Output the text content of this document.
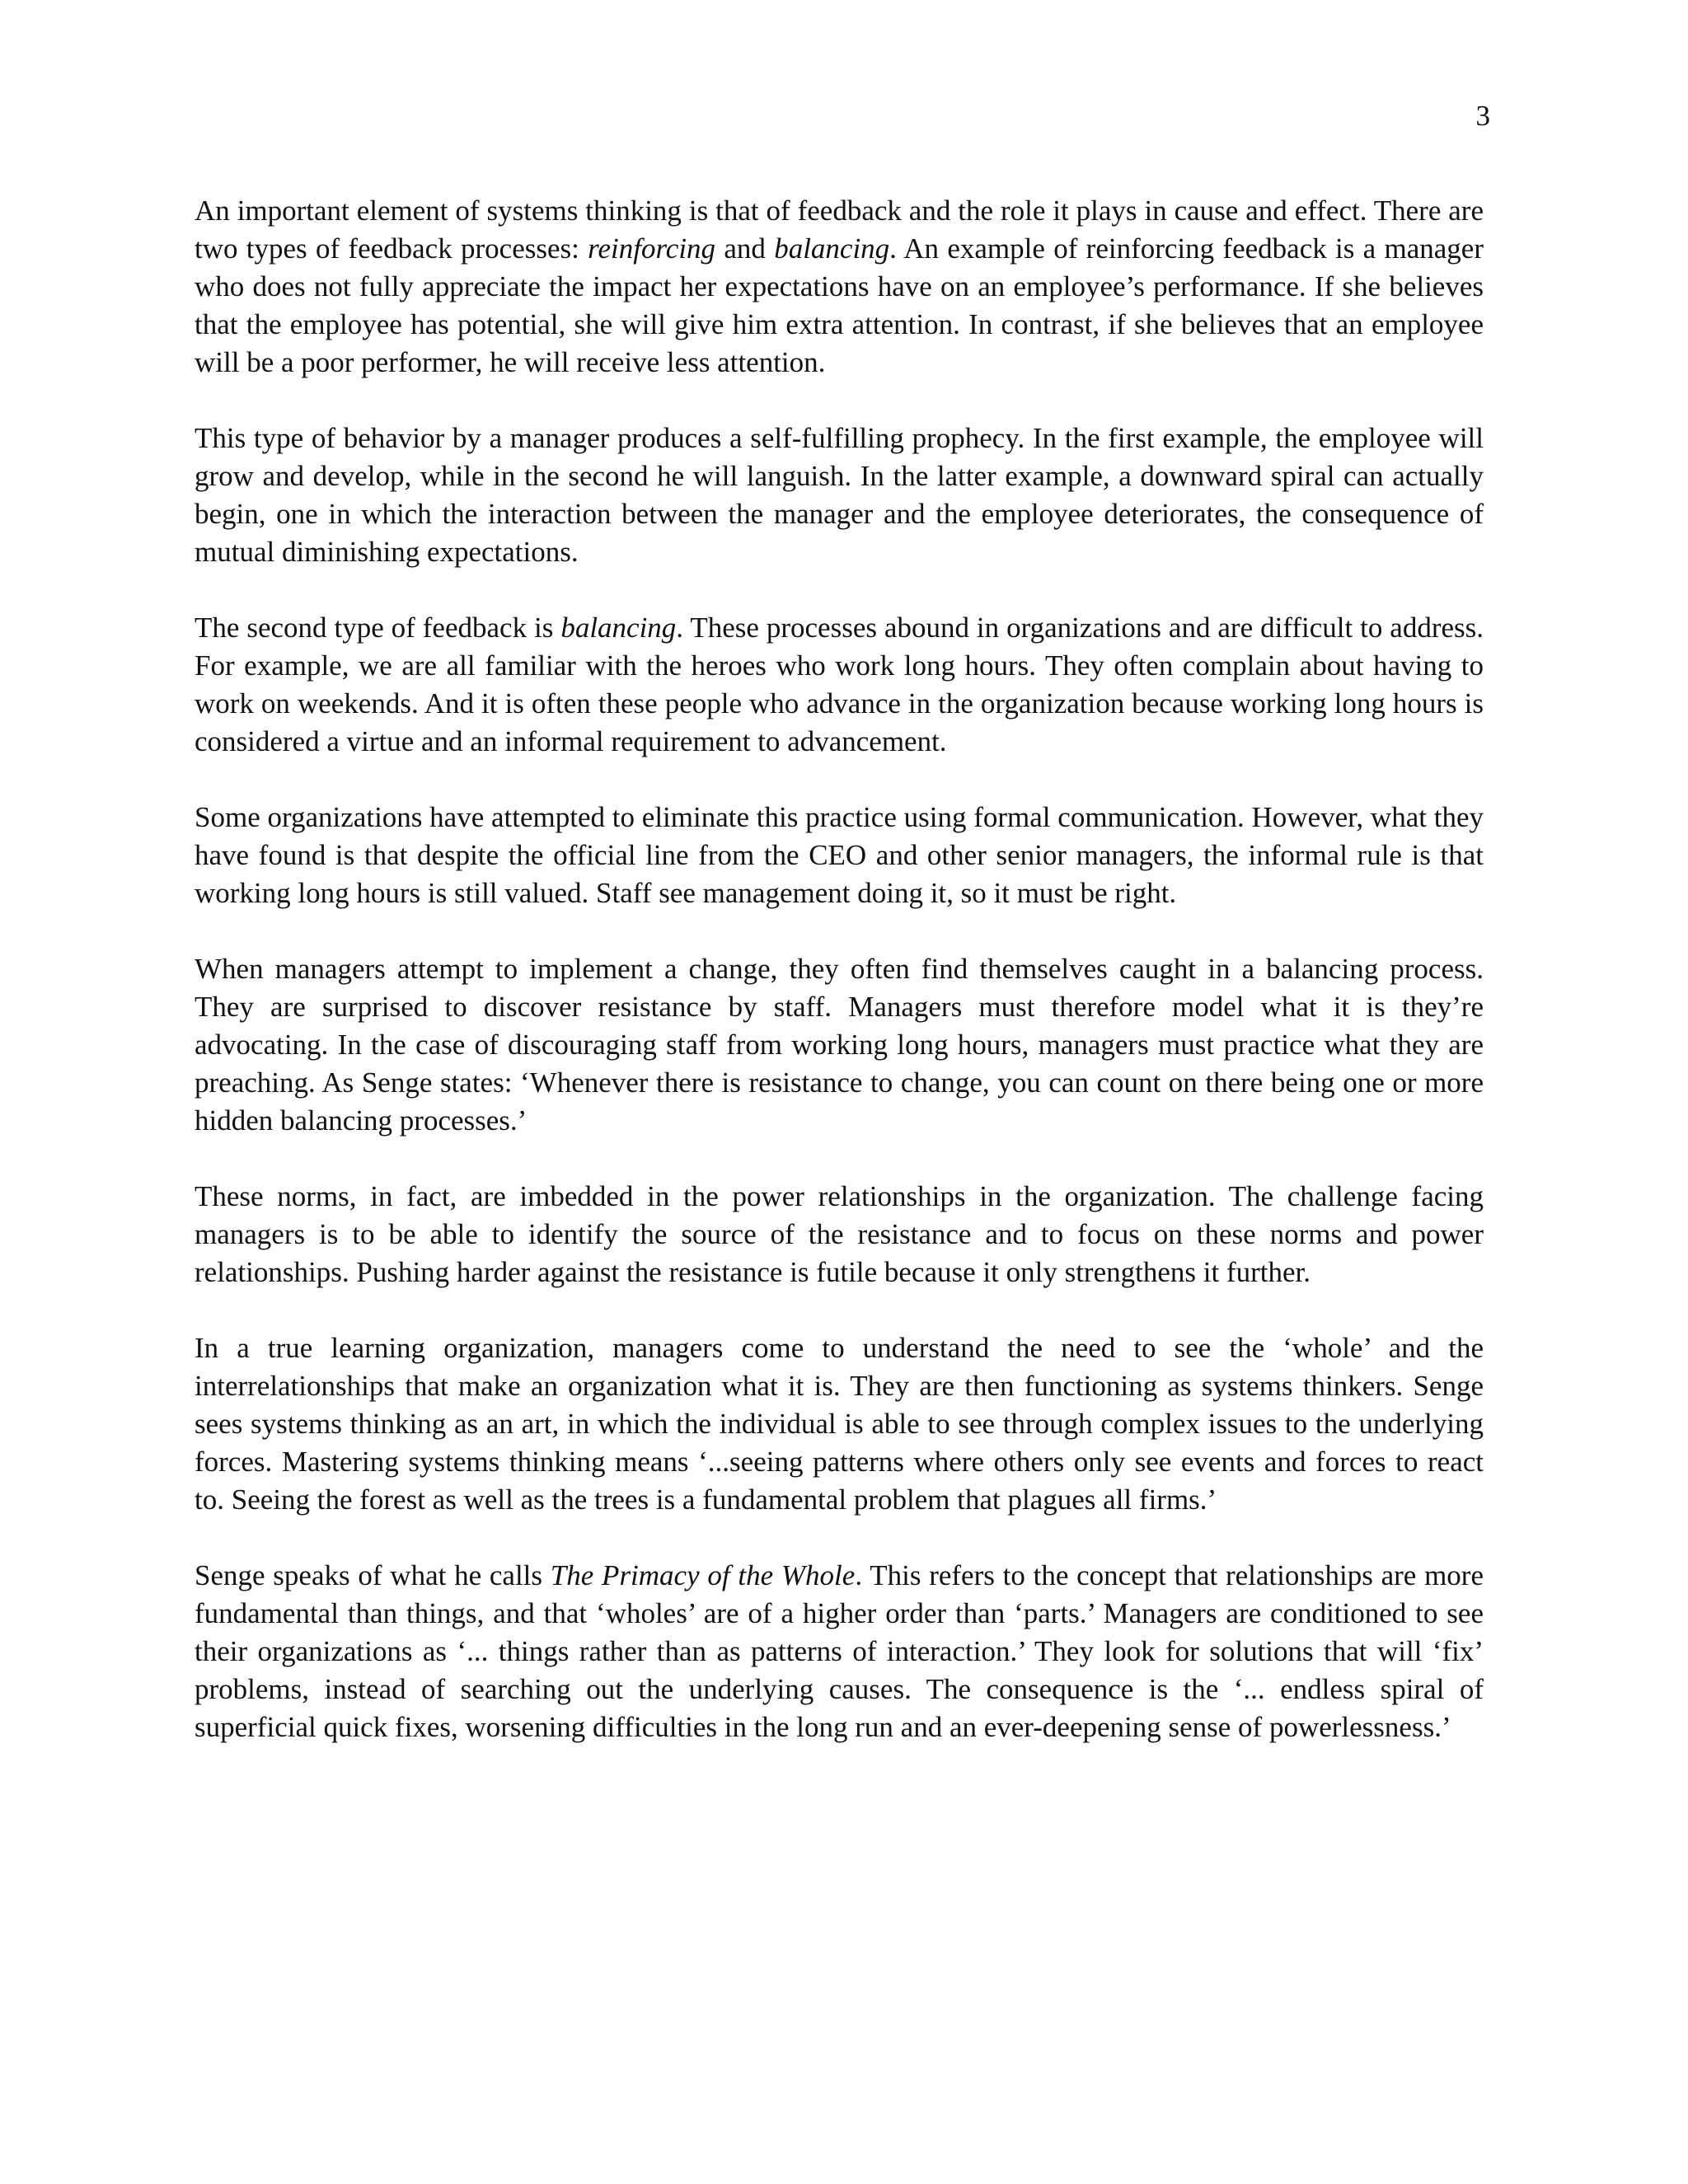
3

An important element of systems thinking is that of feedback and the role it plays in cause and effect. There are two types of feedback processes: reinforcing and balancing. An example of reinforcing feedback is a manager who does not fully appreciate the impact her expectations have on an employee’s performance. If she believes that the employee has potential, she will give him extra attention. In contrast, if she believes that an employee will be a poor performer, he will receive less attention.

This type of behavior by a manager produces a self-fulfilling prophecy. In the first example, the employee will grow and develop, while in the second he will languish. In the latter example, a downward spiral can actually begin, one in which the interaction between the manager and the employee deteriorates, the consequence of mutual diminishing expectations.

The second type of feedback is balancing. These processes abound in organizations and are difficult to address. For example, we are all familiar with the heroes who work long hours. They often complain about having to work on weekends. And it is often these people who advance in the organization because working long hours is considered a virtue and an informal requirement to advancement.

Some organizations have attempted to eliminate this practice using formal communication. However, what they have found is that despite the official line from the CEO and other senior managers, the informal rule is that working long hours is still valued. Staff see management doing it, so it must be right.

When managers attempt to implement a change, they often find themselves caught in a balancing process. They are surprised to discover resistance by staff. Managers must therefore model what it is they’re advocating. In the case of discouraging staff from working long hours, managers must practice what they are preaching. As Senge states: ‘Whenever there is resistance to change, you can count on there being one or more hidden balancing processes.’

These norms, in fact, are imbedded in the power relationships in the organization. The challenge facing managers is to be able to identify the source of the resistance and to focus on these norms and power relationships. Pushing harder against the resistance is futile because it only strengthens it further.

In a true learning organization, managers come to understand the need to see the ‘whole’ and the interrelationships that make an organization what it is. They are then functioning as systems thinkers. Senge sees systems thinking as an art, in which the individual is able to see through complex issues to the underlying forces. Mastering systems thinking means ‘...seeing patterns where others only see events and forces to react to. Seeing the forest as well as the trees is a fundamental problem that plagues all firms.’

Senge speaks of what he calls The Primacy of the Whole. This refers to the concept that relationships are more fundamental than things, and that ‘wholes’ are of a higher order than ‘parts.’ Managers are conditioned to see their organizations as ‘... things rather than as patterns of interaction.’ They look for solutions that will ‘fix’ problems, instead of searching out the underlying causes. The consequence is the ‘... endless spiral of superficial quick fixes, worsening difficulties in the long run and an ever-deepening sense of powerlessness.’
